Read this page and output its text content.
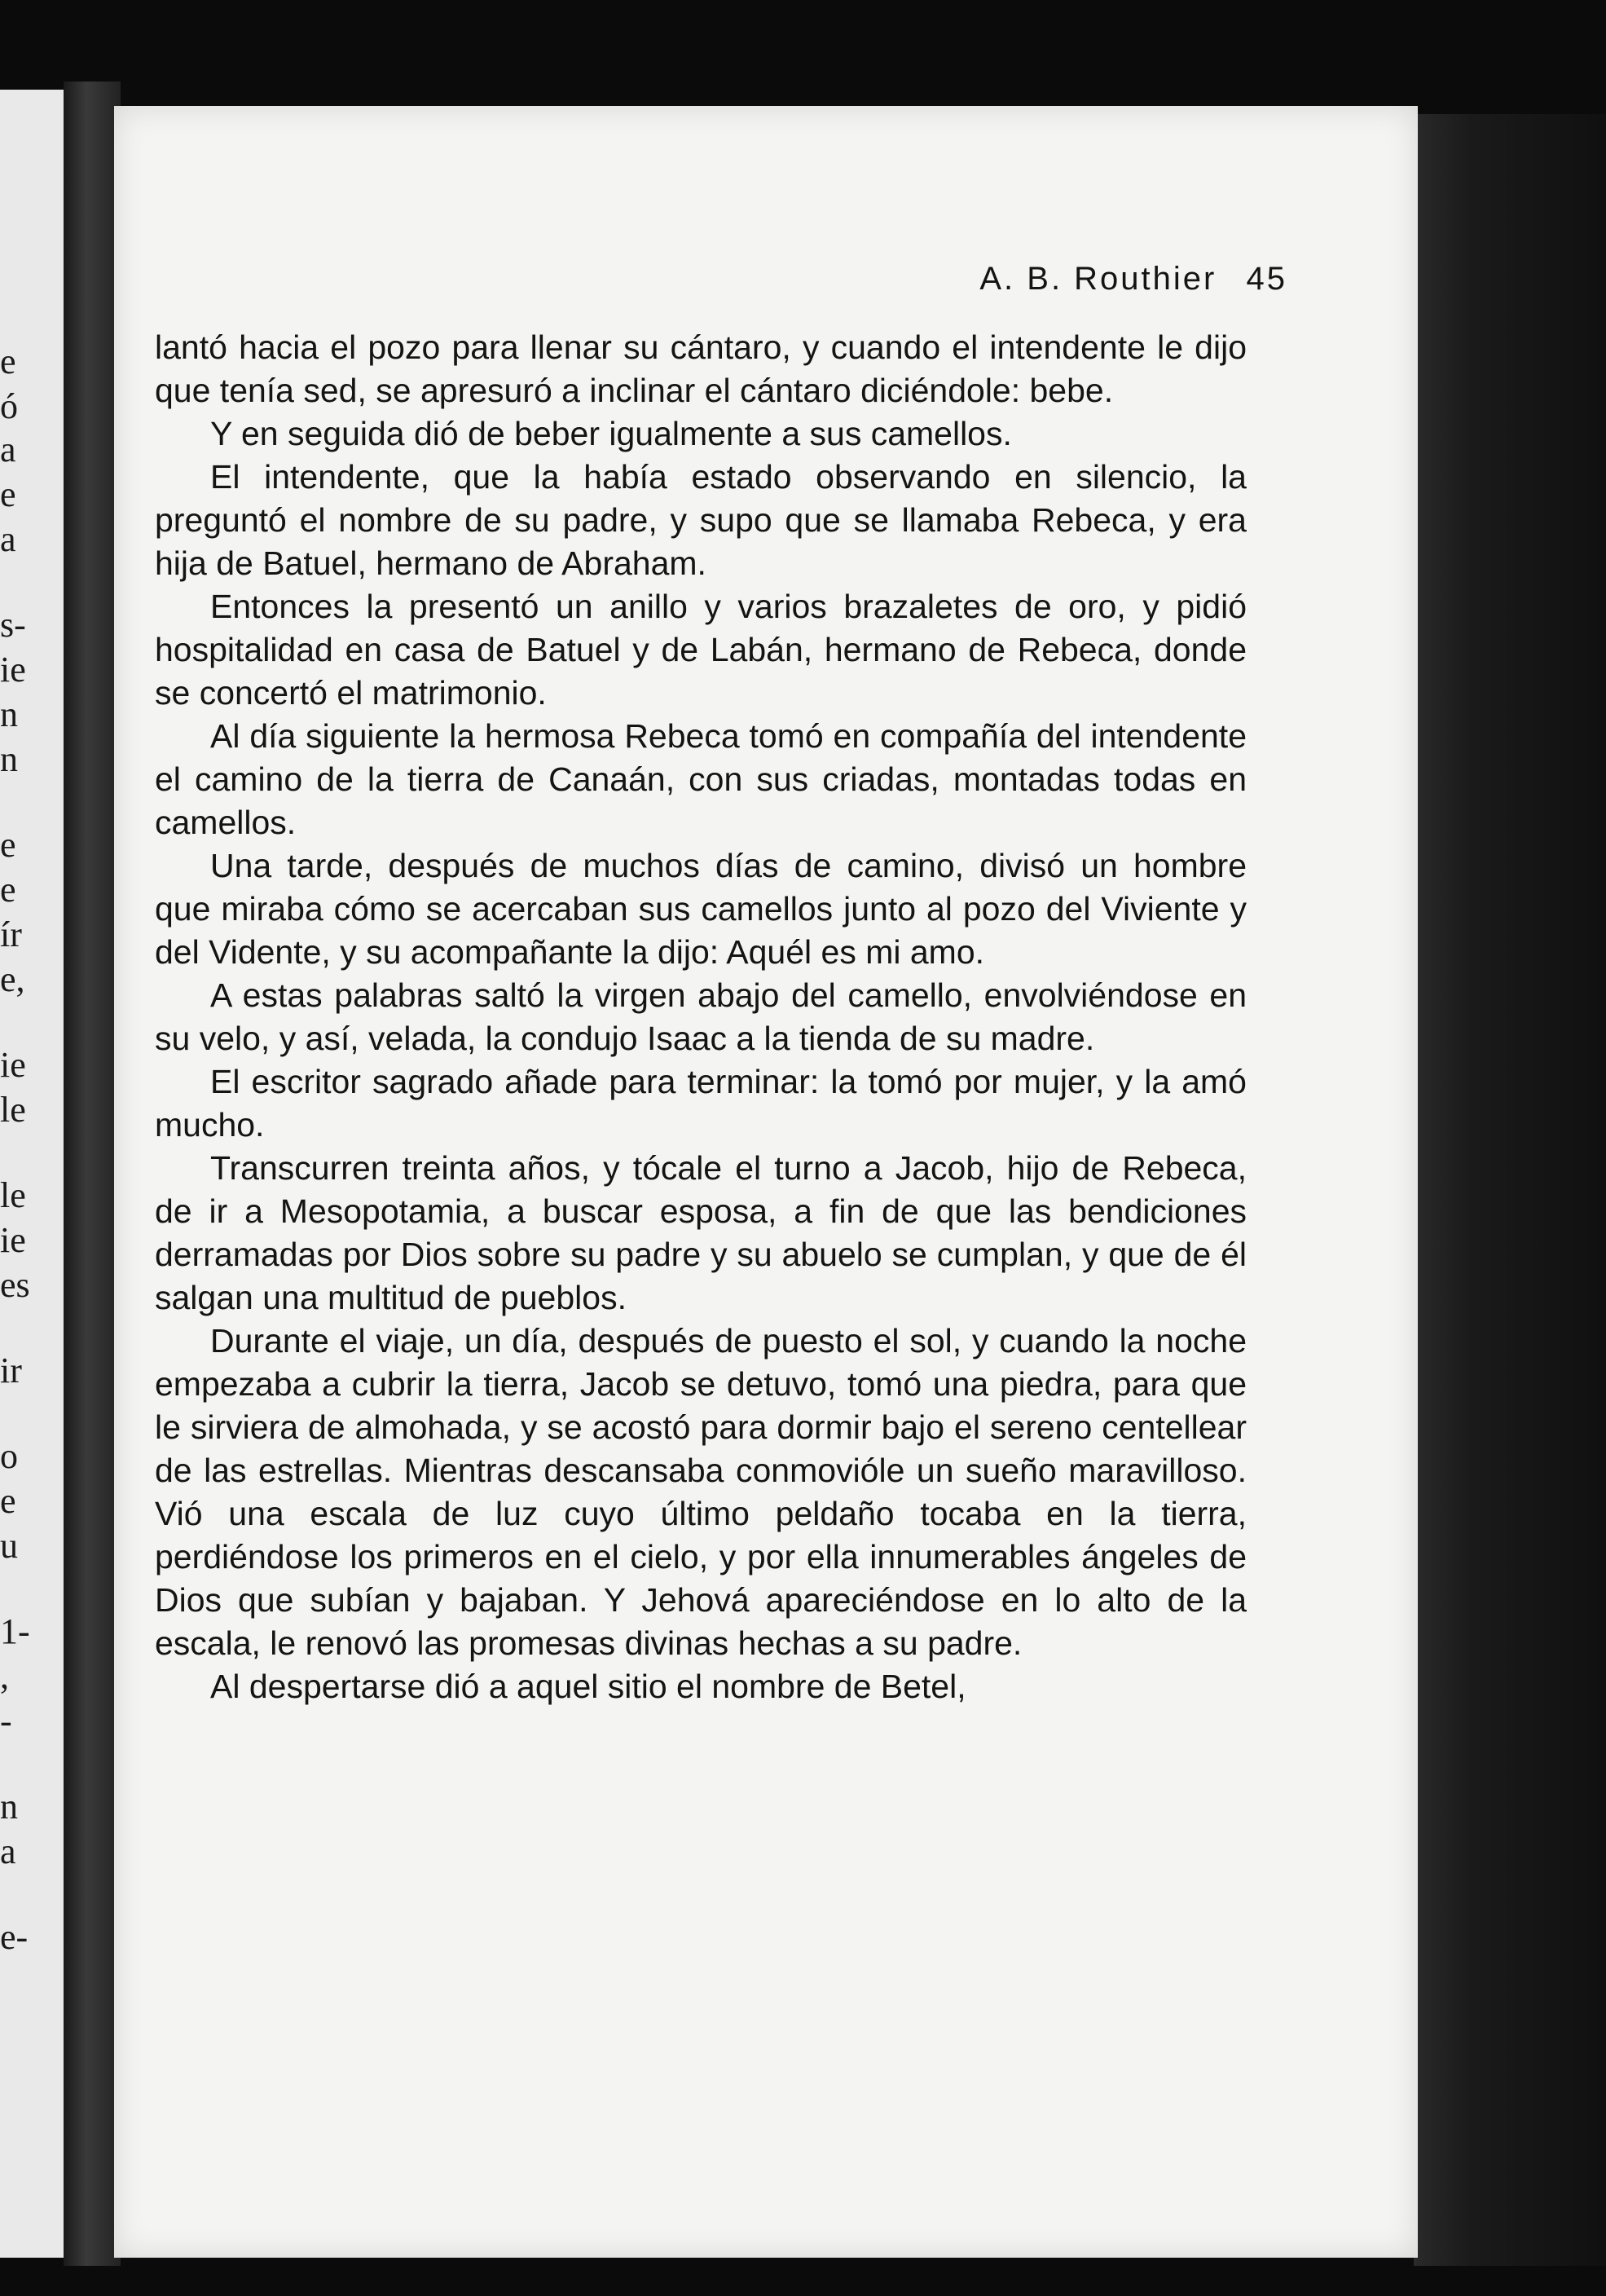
e
ó
a
e
a
s-
ie
n
n
e
e
ír
e,
ie
le
le
ie
es
ir
o
e
u
1-
,
-
n
a
e-
A. B. Routhier 45

lantó hacia el pozo para llenar su cántaro, y cuando el intendente le dijo que tenía sed, se apresuró a inclinar el cántaro diciéndole: bebe.

Y en seguida dió de beber igualmente a sus camellos.

El intendente, que la había estado observando en silencio, la preguntó el nombre de su padre, y supo que se llamaba Rebeca, y era hija de Batuel, hermano de Abraham.

Entonces la presentó un anillo y varios brazaletes de oro, y pidió hospitalidad en casa de Batuel y de Labán, hermano de Rebeca, donde se concertó el matrimonio.

Al día siguiente la hermosa Rebeca tomó en compañía del intendente el camino de la tierra de Canaán, con sus criadas, montadas todas en camellos.

Una tarde, después de muchos días de camino, divisó un hombre que miraba cómo se acercaban sus camellos junto al pozo del Viviente y del Vidente, y su acompañante la dijo: Aquél es mi amo.

A estas palabras saltó la virgen abajo del camello, envolviéndose en su velo, y así, velada, la condujo Isaac a la tienda de su madre.

El escritor sagrado añade para terminar: la tomó por mujer, y la amó mucho.

Transcurren treinta años, y tócale el turno a Jacob, hijo de Rebeca, de ir a Mesopotamia, a buscar esposa, a fin de que las bendiciones derramadas por Dios sobre su padre y su abuelo se cumplan, y que de él salgan una multitud de pueblos.

Durante el viaje, un día, después de puesto el sol, y cuando la noche empezaba a cubrir la tierra, Jacob se detuvo, tomó una piedra, para que le sirviera de almohada, y se acostó para dormir bajo el sereno centellear de las estrellas. Mientras descansaba conmovióle un sueño maravilloso. Vió una escala de luz cuyo último peldaño tocaba en la tierra, perdiéndose los primeros en el cielo, y por ella innumerables ángeles de Dios que subían y bajaban. Y Jehová apareciéndose en lo alto de la escala, le renovó las promesas divinas hechas a su padre.

Al despertarse dió a aquel sitio el nombre de Betel,
